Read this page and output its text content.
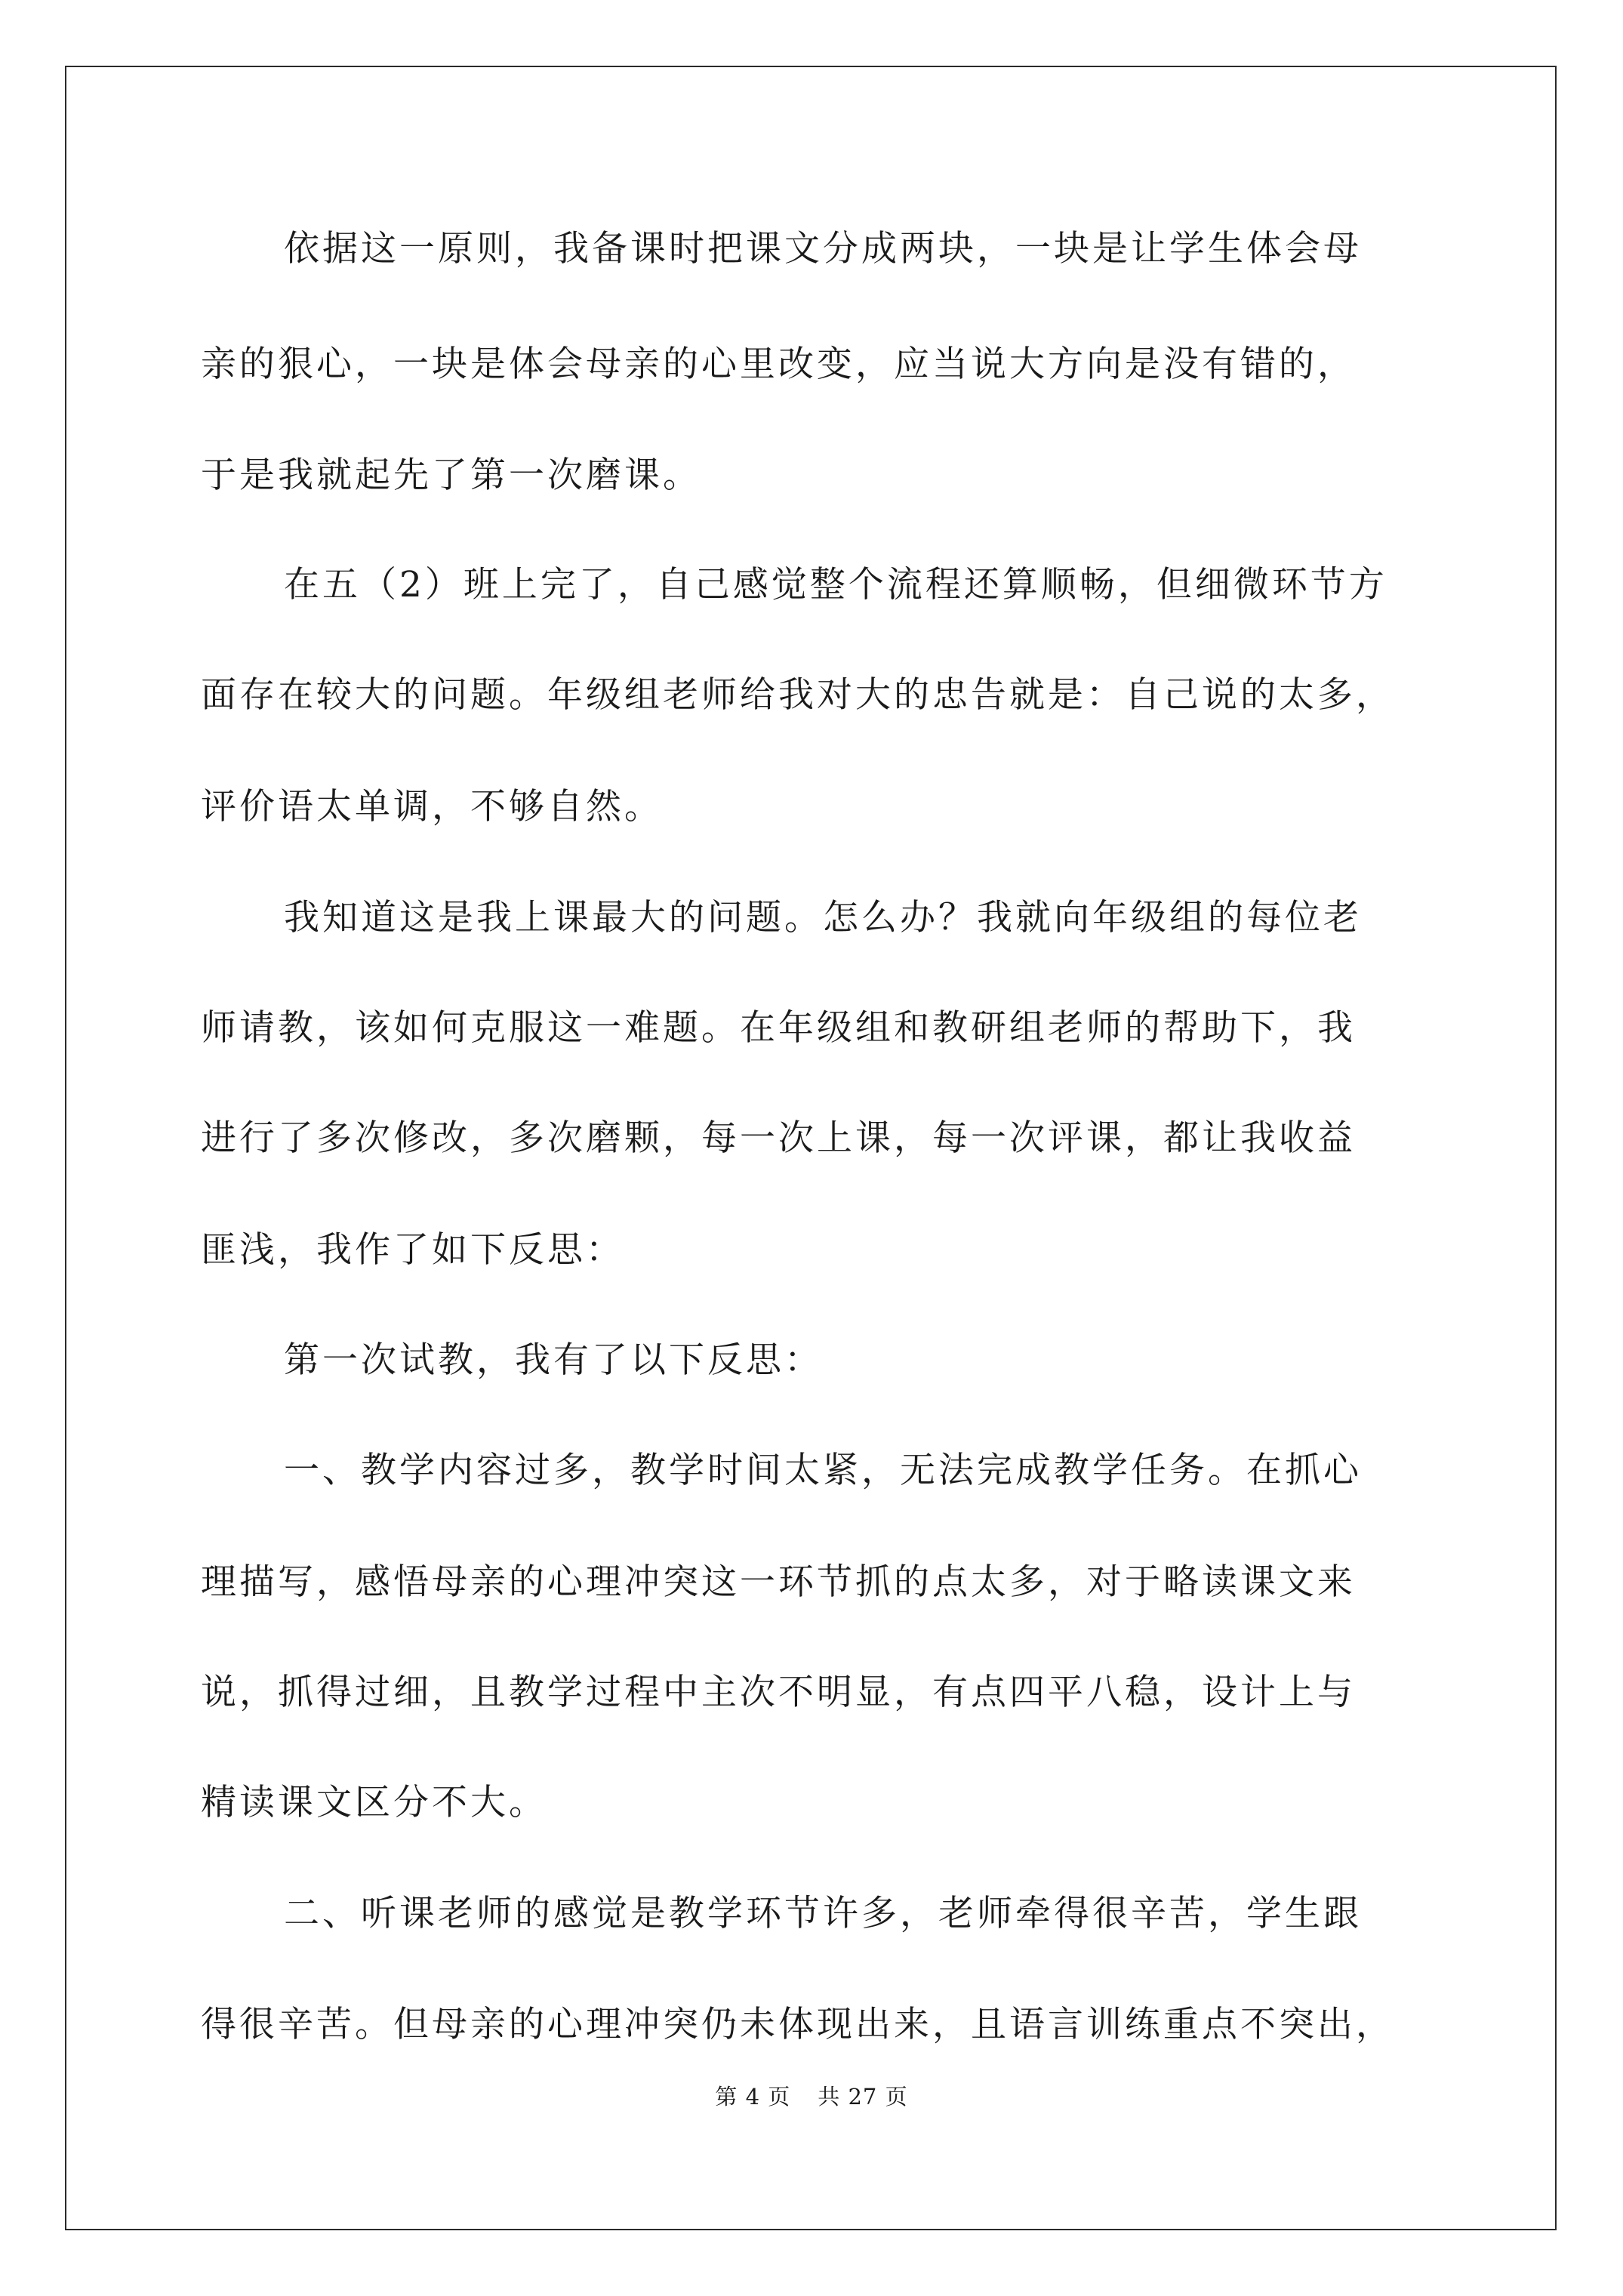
依据这一原则，我备课时把课文分成两块，一块是让学生体会母
亲的狠心，一块是体会母亲的心里改变，应当说大方向是没有错的，
于是我就起先了第一次磨课。
在五（2）班上完了，自己感觉整个流程还算顺畅，但细微环节方
面存在较大的问题。年级组老师给我对大的忠告就是：自己说的太多，
评价语太单调，不够自然。
我知道这是我上课最大的问题。怎么办？我就向年级组的每位老
师请教，该如何克服这一难题。在年级组和教研组老师的帮助下，我
进行了多次修改，多次磨颗，每一次上课，每一次评课，都让我收益
匪浅，我作了如下反思：
第一次试教，我有了以下反思：
一、教学内容过多，教学时间太紧，无法完成教学任务。在抓心
理描写，感悟母亲的心理冲突这一环节抓的点太多，对于略读课文来
说，抓得过细，且教学过程中主次不明显，有点四平八稳，设计上与
精读课文区分不大。
二、听课老师的感觉是教学环节许多，老师牵得很辛苦，学生跟
得很辛苦。但母亲的心理冲突仍未体现出来，且语言训练重点不突出，
第 4 页 共 27 页
